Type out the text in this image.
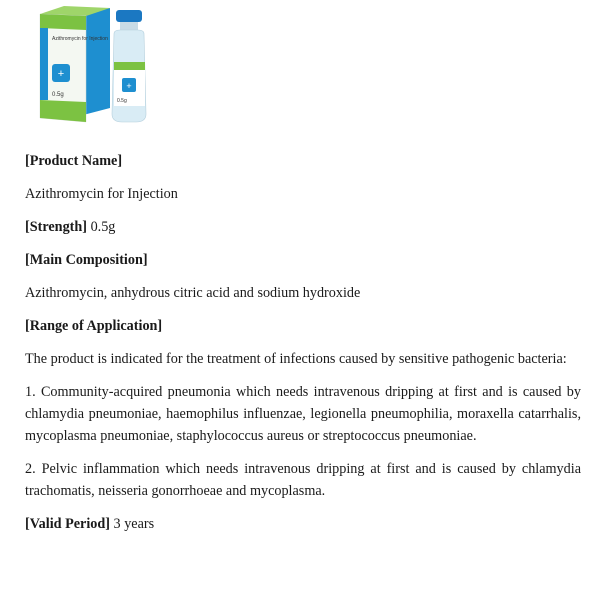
+
Azithromycin for Injection
0.5g
+
0.5g

[Product Name]

Azithromycin for Injection

[Strength] 0.5g

[Main Composition]

Azithromycin, anhydrous citric acid and sodium hydroxide

[Range of Application]

The product is indicated for the treatment of infections caused by sensitive pathogenic bacteria:

1. Community-acquired pneumonia which needs intravenous dripping at first and is caused by chlamydia pneumoniae, haemophilus influenzae, legionella pneumophilia, moraxella catarrhalis, mycoplasma pneumoniae, staphylococcus aureus or streptococcus pneumoniae.

2. Pelvic inflammation which needs intravenous dripping at first and is caused by chlamydia trachomatis, neisseria gonorrhoeae and mycoplasma.

[Valid Period] 3 years
